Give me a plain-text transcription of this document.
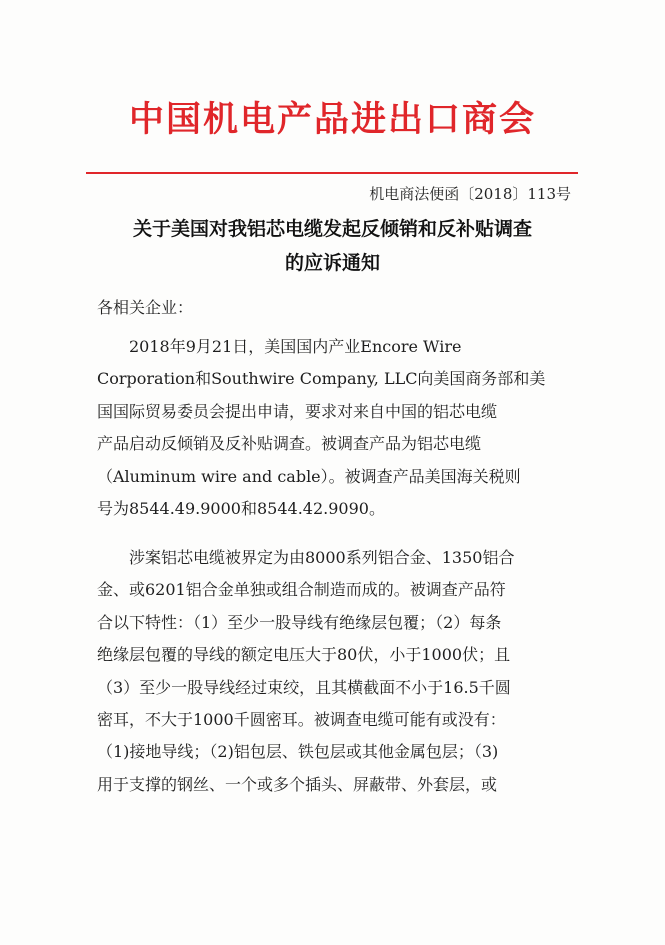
中国机电产品进出口商会
机电商法便函〔2018〕113号
关于美国对我铝芯电缆发起反倾销和反补贴调查
的应诉通知
各相关企业：
2018年9月21日，美国国内产业Encore Wire
Corporation和Southwire Company, LLC向美国商务部和美
国国际贸易委员会提出申请，要求对来自中国的铝芯电缆
产品启动反倾销及反补贴调查。被调查产品为铝芯电缆
（Aluminum wire and cable）。被调查产品美国海关税则
号为8544.49.9000和8544.42.9090。
涉案铝芯电缆被界定为由8000系列铝合金、1350铝合
金、或6201铝合金单独或组合制造而成的。被调查产品符
合以下特性：（1）至少一股导线有绝缘层包覆；（2）每条
绝缘层包覆的导线的额定电压大于80伏，小于1000伏；且
（3）至少一股导线经过束绞，且其横截面不小于16.5千圆
密耳，不大于1000千圆密耳。被调查电缆可能有或没有：
（1)接地导线；（2)铝包层、铁包层或其他金属包层；（3)
用于支撑的钢丝、一个或多个插头、屏蔽带、外套层，或
